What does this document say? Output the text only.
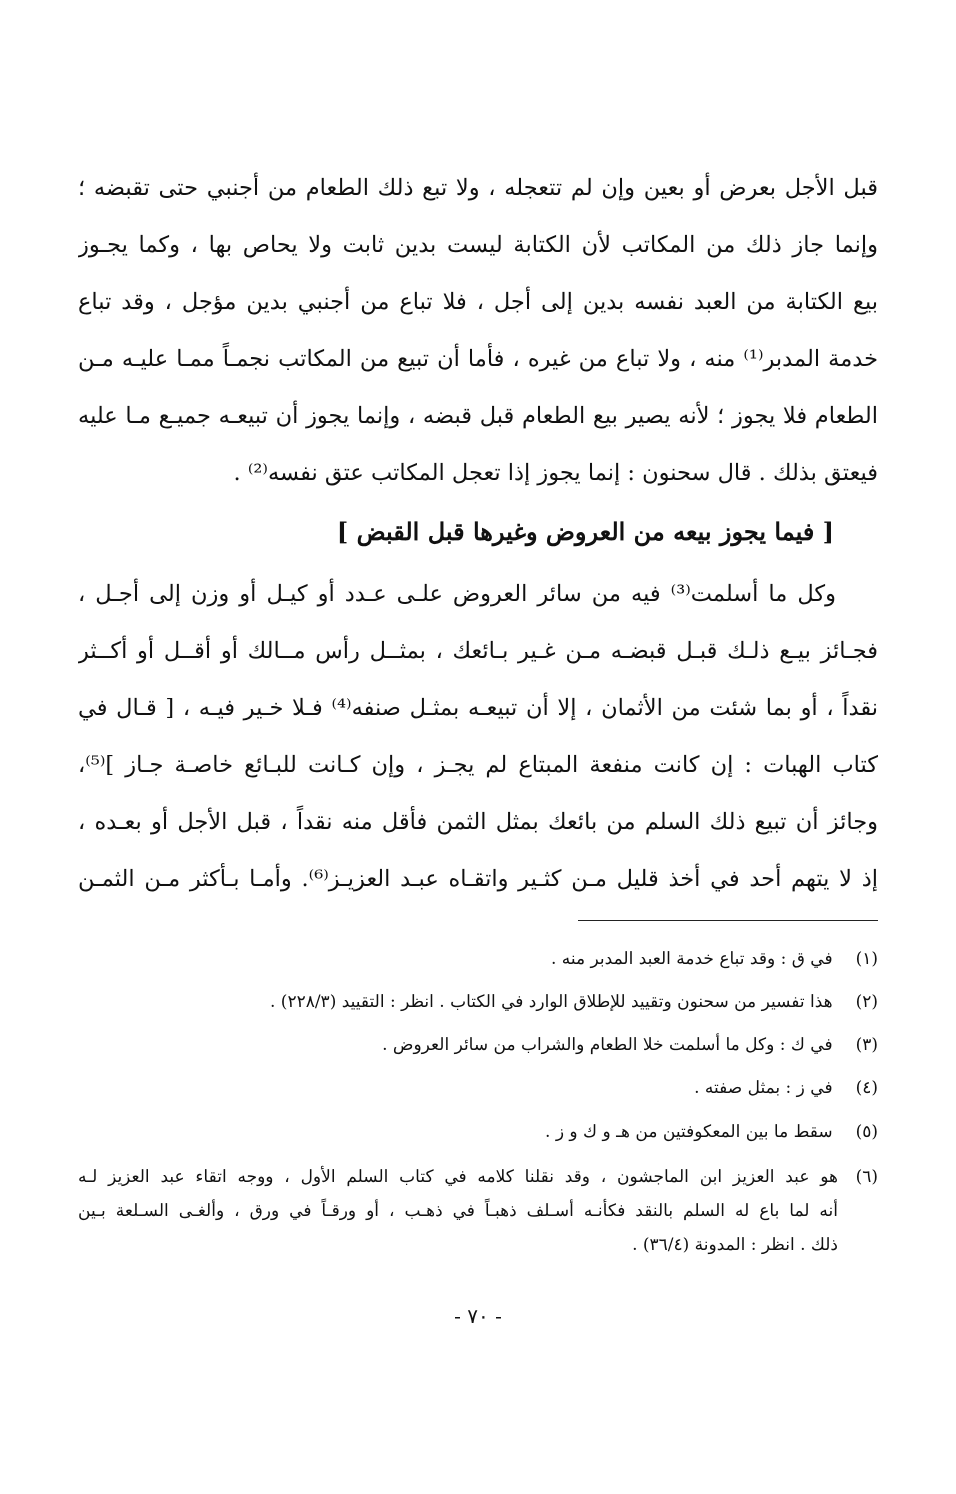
قبل الأجل بعرض أو بعين وإن لم تتعجله ، ولا تبع ذلك الطعام من أجنبي حتى تقبضه ؛
وإنما جاز ذلك من المكاتب لأن الكتابة ليست بدين ثابت ولا يحاص بها ، وكما يجـوز
بيع الكتابة من العبد نفسه بدين إلى أجل ، فلا تباع من أجنبي بدين مؤجل ، وقد تباع
خدمة المدبر⁽¹⁾ منه ، ولا تباع من غيره ، فأما أن تبيع من المكاتب نجمـاً ممـا عليـه مـن
الطعام فلا يجوز ؛ لأنه يصير بيع الطعام قبل قبضه ، وإنما يجوز أن تبيعـه جميـع مـا عليه
فيعتق بذلك . قال سحنون : إنما يجوز إذا تعجل المكاتب عتق نفسه⁽²⁾ .
[ فيما يجوز بيعه من العروض وغيرها قبل القبض ]
وكل ما أسلمت⁽³⁾ فيه من سائر العروض علـى عـدد أو كيـل أو وزن إلى أجـل ،
فجـائز بيـع ذلـك قبـل قبضـه مـن غـير بـائعك ، بمثــل رأس مــالك أو أقــل أو أكــثر
نقداً ، أو بما شئت من الأثمان ، إلا أن تبيعـه بمثـل صنفه⁽⁴⁾ فـلا خـير فيـه ، [ قـال في
كتاب الهبات : إن كانت منفعة المبتاع لم يجـز ، وإن كـانت للبـائع خاصـة جـاز ]⁽⁵⁾،
وجائز أن تبيع ذلك السلم من بائعك بمثل الثمن فأقل منه نقداً ، قبل الأجل أو بعـده ،
إذ لا يتهم أحد في أخذ قليل مـن كثـير واتقـاه عبـد العزيـز⁽⁶⁾. وأمـا بـأكثر مـن الثمـن
(١) في ق : وقد تباع خدمة العبد المدبر منه .
(٢) هذا تفسير من سحنون وتقييد للإطلاق الوارد في الكتاب . انظر : التقييد (٢٢٨/٣) .
(٣) في ك : وكل ما أسلمت خلا الطعام والشراب من سائر العروض .
(٤) في ز : بمثل صفته .
(٥) سقط ما بين المعكوفتين من هـ و ك و ز .
(٦)هو عبد العزيز ابن الماجشون ، وقد نقلنا كلامه في كتاب السلم الأول ، ووجه اتقاء عبد العزيز لـه
أنه لما باع له السلم بالنقد فكأنـه أسـلف ذهبـاً في ذهـب ، أو ورقـاً في ورق ، وألغـى السـلعة بـين
ذلك . انظر : المدونة (٣٦/٤) .
- ٧٠ -
